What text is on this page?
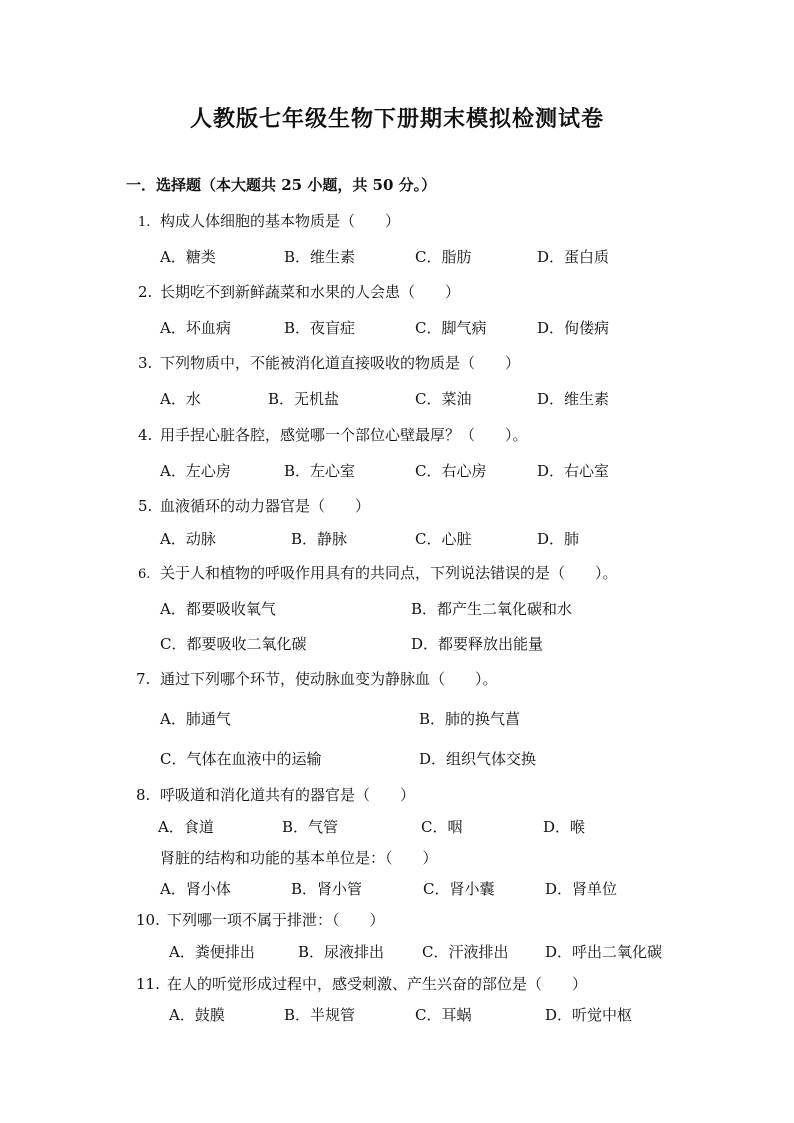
人教版七年级生物下册期末模拟检测试卷
一．选择题（本大题共 25 小题，共 50 分。）
1. 构成人体细胞的基本物质是（　　）
A．糖类	B．维生素	C．脂肪	D．蛋白质
2. 长期吃不到新鲜蔬菜和水果的人会患（　　）
A．坏血病	B．夜盲症	C．脚气病	D．佝偻病
3. 下列物质中，不能被消化道直接吸收的物质是（　　）
A．水	B．无机盐	C．菜油	D．维生素
4. 用手捏心脏各腔，感觉哪一个部位心壁最厚？（　　）。
A．左心房	B．左心室	C．右心房	D．右心室
5. 血液循环的动力器官是（　　）
A．动脉	B．静脉	C．心脏	D．肺
6. 关于人和植物的呼吸作用具有的共同点，下列说法错误的是（　　）。
A．都要吸收氧气	B．都产生二氧化碳和水
C．都要吸收二氧化碳	D．都要释放出能量
7. 通过下列哪个环节，使动脉血变为静脉血（　　）。
A．肺通气	B．肺的换气菖
C．气体在血液中的运输	D．组织气体交换
8. 呼吸道和消化道共有的器官是（　　）
A．食道	B．气管	C．咽	D．喉
肾脏的结构和功能的基本单位是：（　　）
A．肾小体	B．肾小管	C．肾小囊	D．肾单位
10. 下列哪一项不属于排泄：（　　）
A．粪便排出	B．尿液排出	C．汗液排出 D．呼出二氧化碳
11. 在人的听觉形成过程中，感受刺激、产生兴奋的部位是（　　）
A．鼓膜	B．半规管	C．耳蜗	D．听觉中枢
